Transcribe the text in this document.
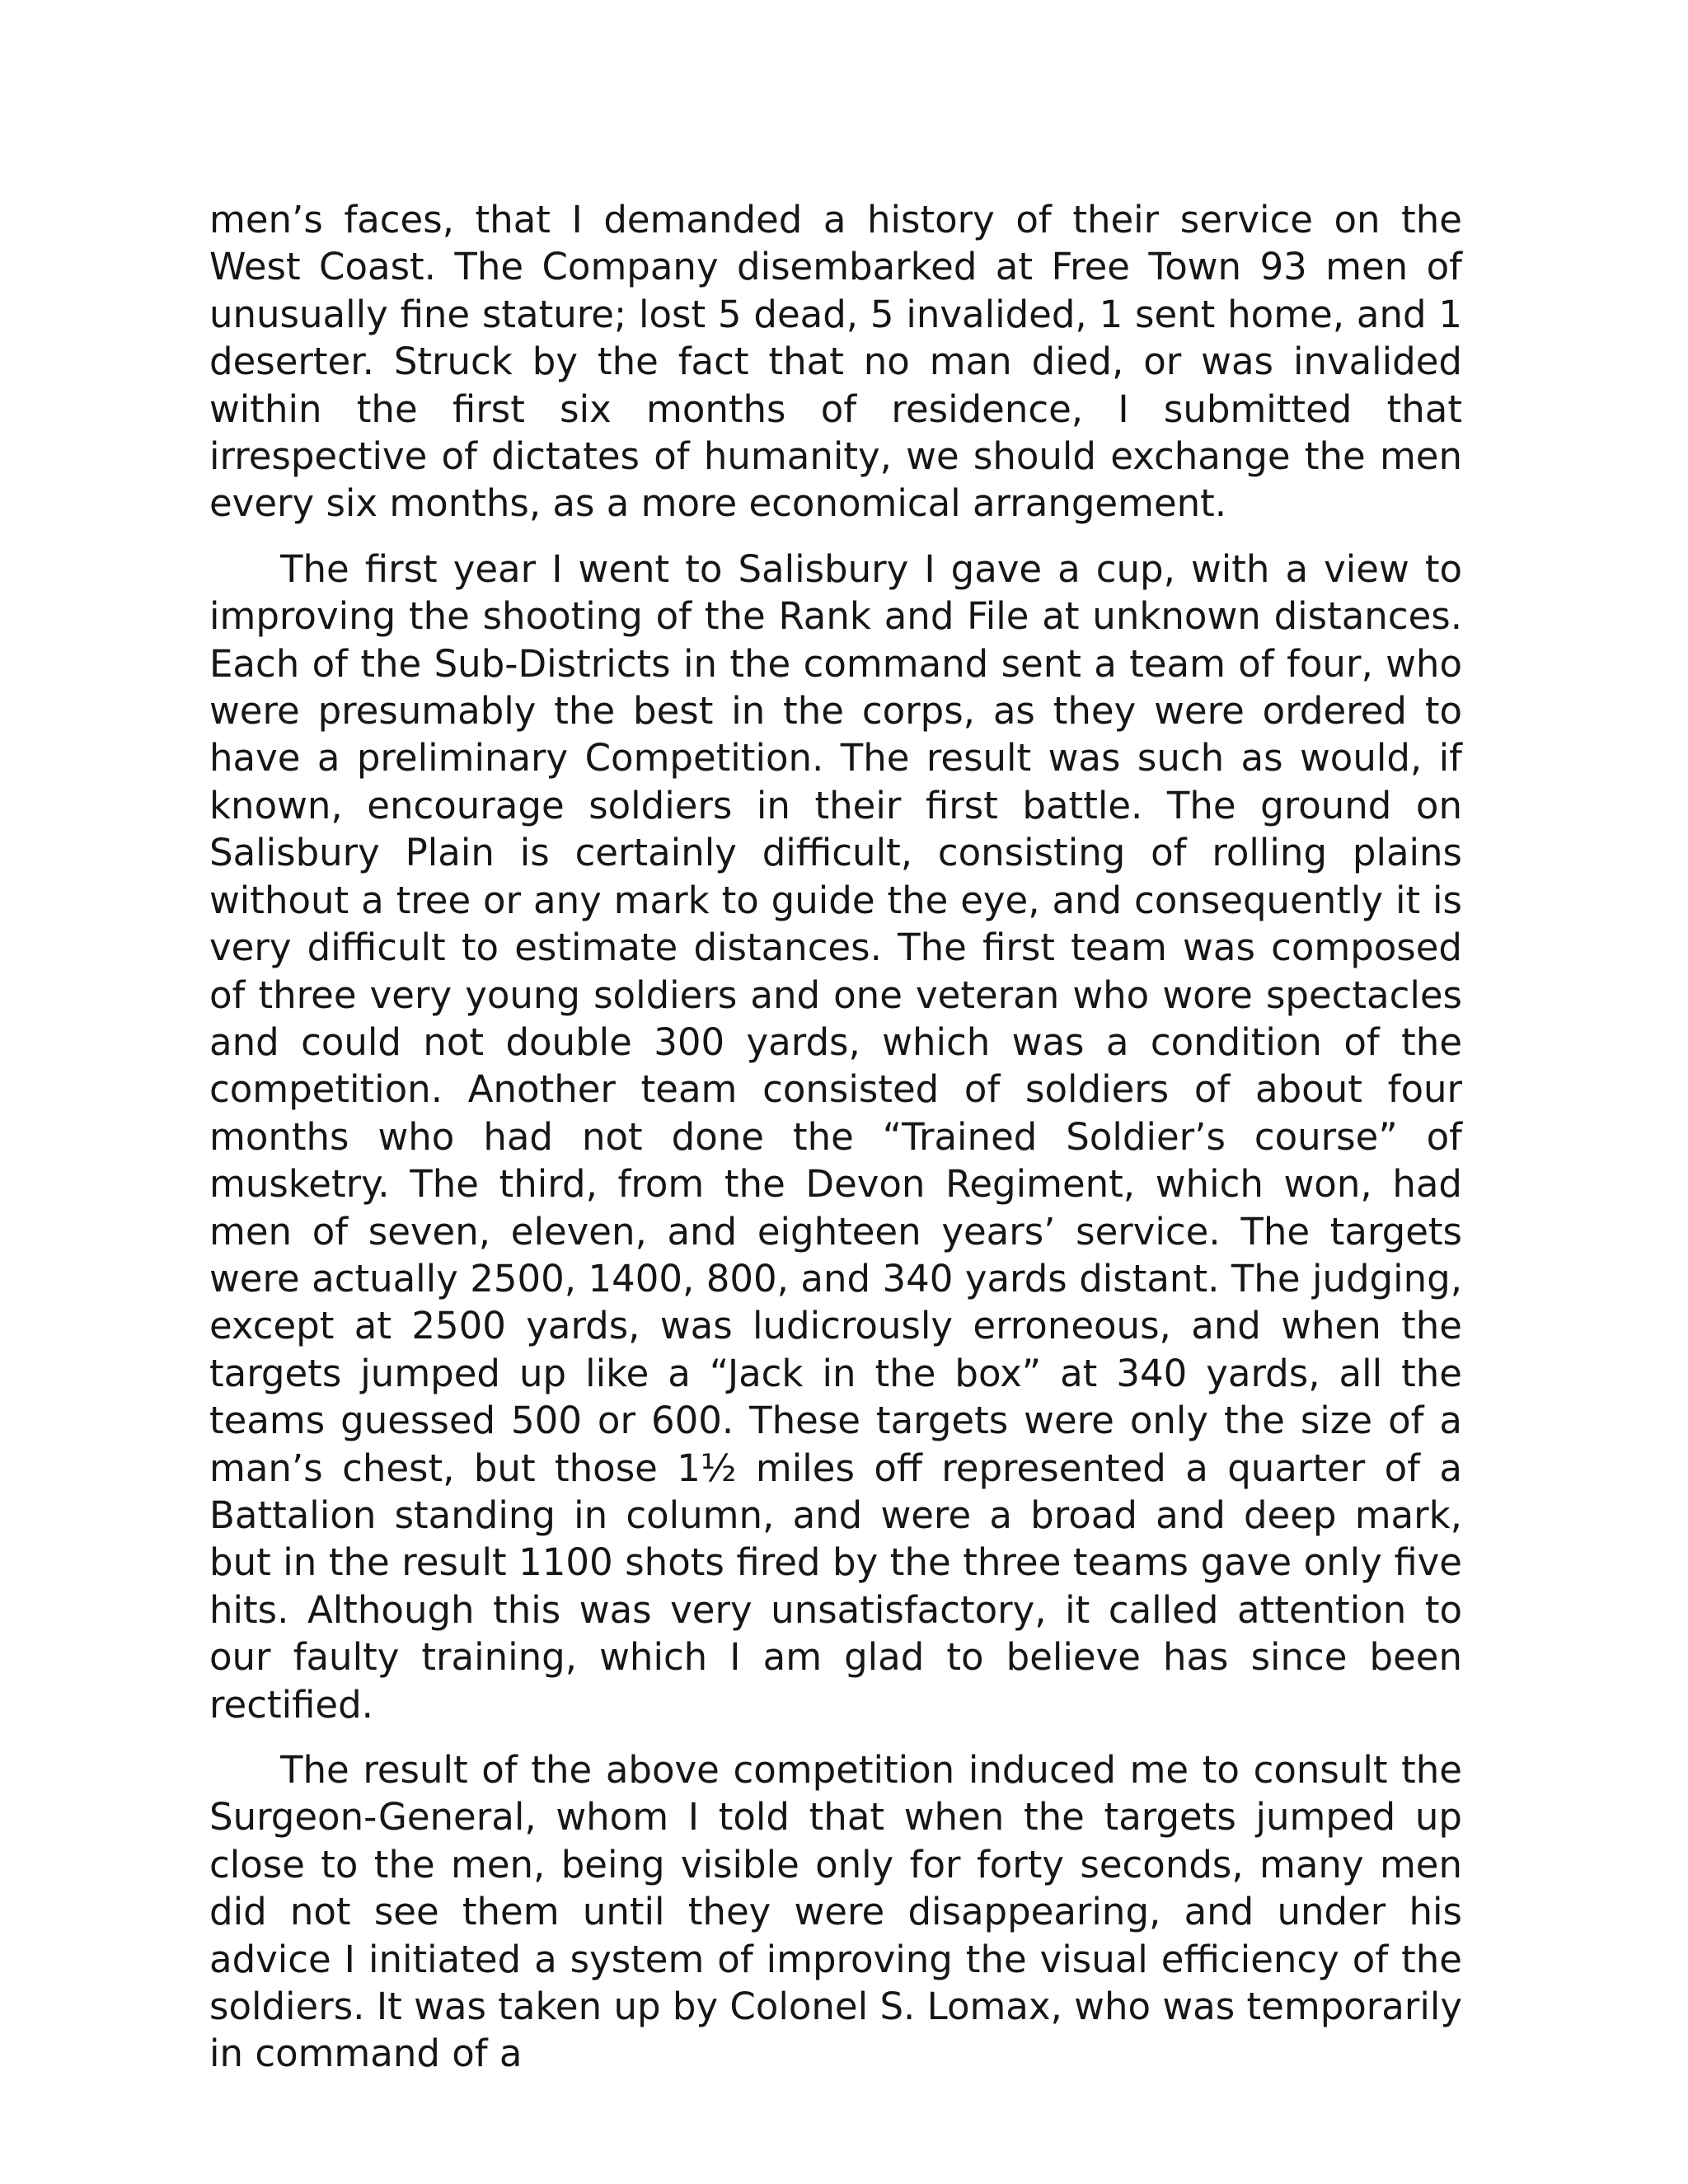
men’s faces, that I demanded a history of their service on the West Coast. The Company disembarked at Free Town 93 men of unusually fine stature; lost 5 dead, 5 invalided, 1 sent home, and 1 deserter. Struck by the fact that no man died, or was invalided within the first six months of residence, I submitted that irrespective of dictates of humanity, we should exchange the men every six months, as a more economical arrangement.

The first year I went to Salisbury I gave a cup, with a view to improving the shooting of the Rank and File at unknown distances. Each of the Sub-Districts in the command sent a team of four, who were presumably the best in the corps, as they were ordered to have a preliminary Competition. The result was such as would, if known, encourage soldiers in their first battle. The ground on Salisbury Plain is certainly difficult, consisting of rolling plains without a tree or any mark to guide the eye, and consequently it is very difficult to estimate distances. The first team was composed of three very young soldiers and one veteran who wore spectacles and could not double 300 yards, which was a condition of the competition. Another team consisted of soldiers of about four months who had not done the “Trained Soldier’s course” of musketry. The third, from the Devon Regiment, which won, had men of seven, eleven, and eighteen years’ service. The targets were actually 2500, 1400, 800, and 340 yards distant. The judging, except at 2500 yards, was ludicrously erroneous, and when the targets jumped up like a “Jack in the box” at 340 yards, all the teams guessed 500 or 600. These targets were only the size of a man’s chest, but those 1½ miles off represented a quarter of a Battalion standing in column, and were a broad and deep mark, but in the result 1100 shots fired by the three teams gave only five hits. Although this was very unsatisfactory, it called attention to our faulty training, which I am glad to believe has since been rectified.

The result of the above competition induced me to consult the Surgeon-General, whom I told that when the targets jumped up close to the men, being visible only for forty seconds, many men did not see them until they were disappearing, and under his advice I initiated a system of improving the visual efficiency of the soldiers. It was taken up by Colonel S. Lomax, who was temporarily in command of a
